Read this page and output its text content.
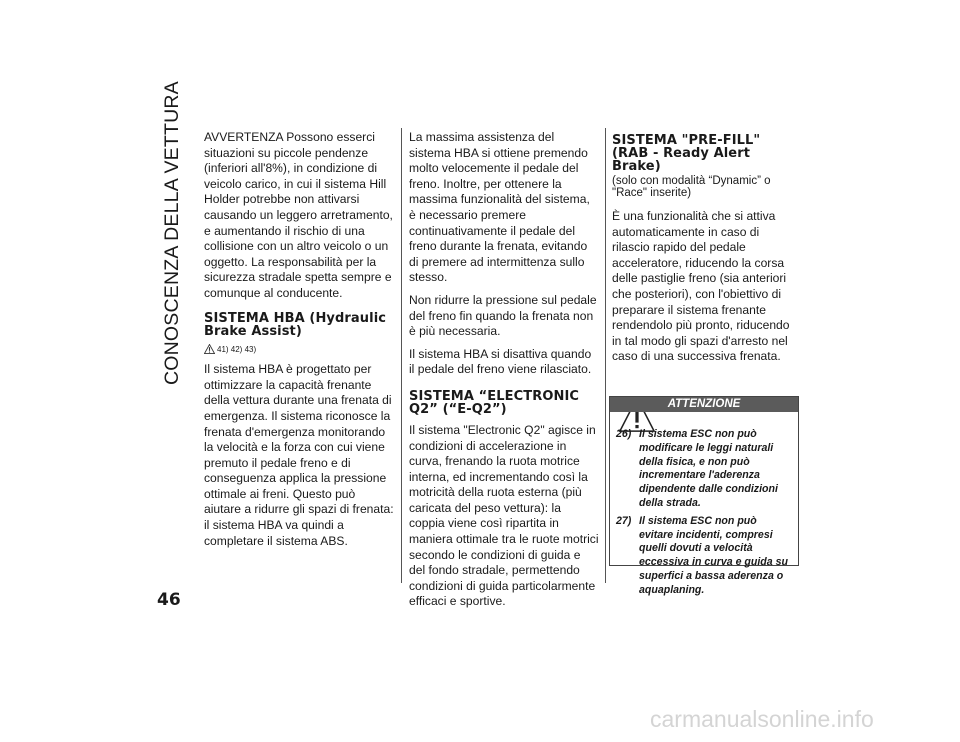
CONOSCENZA DELLA VETTURA
46

AVVERTENZA Possono esserci situazioni su piccole pendenze (inferiori all'8%), in condizione di veicolo carico, in cui il sistema Hill Holder potrebbe non attivarsi causando un leggero arretramento, e aumentando il rischio di una collisione con un altro veicolo o un oggetto. La responsabilità per la sicurezza stradale spetta sempre e comunque al conducente.

SISTEMA HBA (Hydraulic Brake Assist)
41) 42) 43)

Il sistema HBA è progettato per ottimizzare la capacità frenante della vettura durante una frenata di emergenza. Il sistema riconosce la frenata d'emergenza monitorando la velocità e la forza con cui viene premuto il pedale freno e di conseguenza applica la pressione ottimale ai freni. Questo può aiutare a ridurre gli spazi di frenata: il sistema HBA va quindi a completare il sistema ABS.

La massima assistenza del sistema HBA si ottiene premendo molto velocemente il pedale del freno. Inoltre, per ottenere la massima funzionalità del sistema, è necessario premere continuativamente il pedale del freno durante la frenata, evitando di premere ad intermittenza sullo stesso.

Non ridurre la pressione sul pedale del freno fin quando la frenata non è più necessaria.

Il sistema HBA si disattiva quando il pedale del freno viene rilasciato.

SISTEMA “ELECTRONIC Q2” (“E-Q2”)

Il sistema "Electronic Q2" agisce in condizioni di accelerazione in curva, frenando la ruota motrice interna, ed incrementando così la motricità della ruota esterna (più caricata del peso vettura): la coppia viene così ripartita in maniera ottimale tra le ruote motrici secondo le condizioni di guida e del fondo stradale, permettendo condizioni di guida particolarmente efficaci e sportive.

SISTEMA "PRE-FILL" (RAB - Ready Alert Brake)
(solo con modalità “Dynamic” o "Race" inserite)

È una funzionalità che si attiva automaticamente in caso di rilascio rapido del pedale acceleratore, riducendo la corsa delle pastiglie freno (sia anteriori che posteriori), con l'obiettivo di preparare il sistema frenante rendendolo più pronto, riducendo in tal modo gli spazi d'arresto nel caso di una successiva frenata.

ATTENZIONE
26) Il sistema ESC non può modificare le leggi naturali della fisica, e non può incrementare l'aderenza dipendente dalle condizioni della strada.
27) Il sistema ESC non può evitare incidenti, compresi quelli dovuti a velocità eccessiva in curva e guida su superfici a bassa aderenza o aquaplaning.
carmanualsonline.info
